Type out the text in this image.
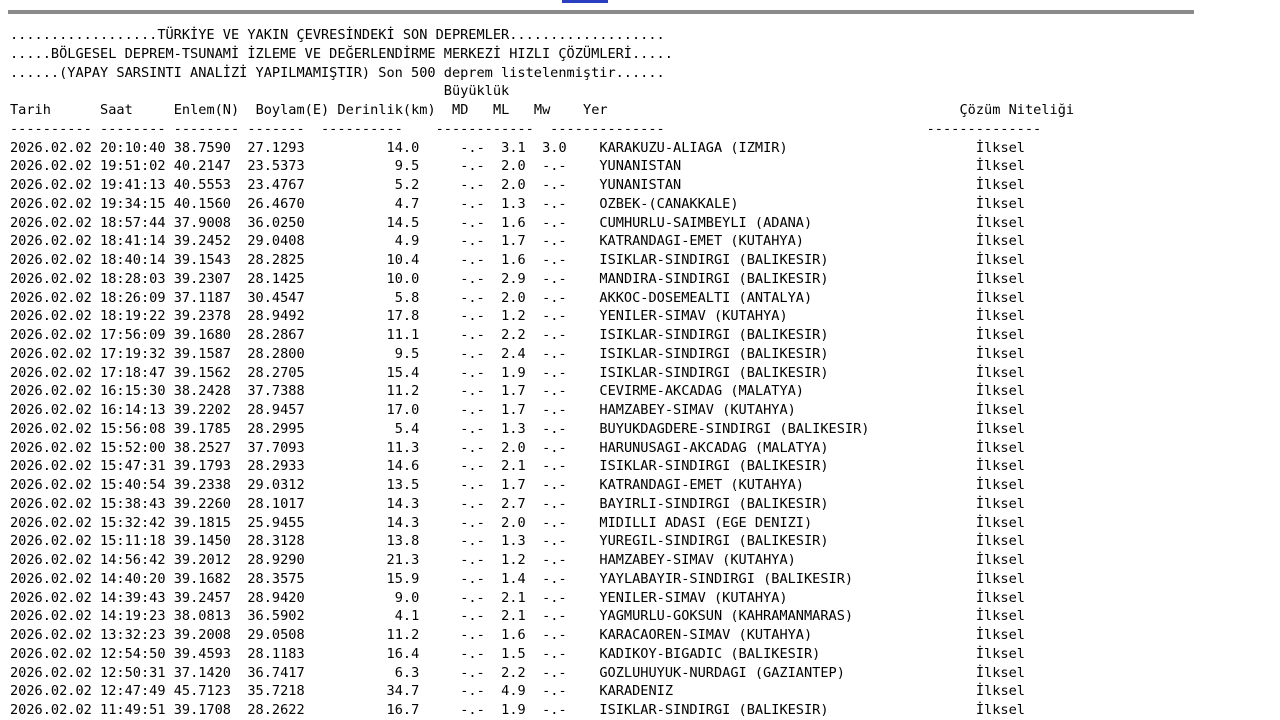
..................TÜRKİYE VE YAKIN ÇEVRESİNDEKİ SON DEPREMLER...................
.....BÖLGESEL DEPREM-TSUNAMİ İZLEME VE DEĞERLENDİRME MERKEZİ HIZLI ÇÖZÜMLERİ.....
......(YAPAY SARSINTI ANALİZİ YAPILMAMIŞTIR) Son 500 deprem listelenmiştir......
Büyüklük
Tarih	Saat	Enlem(N) Boylam(E) Derinlik(km) MD ML Mw Yer	Çözüm Niteliği
---------- -------- -------- -------  ----------    ------------  --------------                                --------------
2026.02.02 20:10:40 38.7590 27.1293	14.0	-.- 3.1 3.0 KARAKUZU-ALIAGA (IZMIR)	İlksel
2026.02.02 19:51:02 40.2147 23.5373	9.5	-.- 2.0 -.- YUNANISTAN	İlksel
2026.02.02 19:41:13 40.5553 23.4767	5.2	-.- 2.0 -.- YUNANISTAN	İlksel
2026.02.02 19:34:15 40.1560 26.4670	4.7	-.- 1.3 -.- OZBEK-(CANAKKALE)	İlksel
2026.02.02 18:57:44 37.9008 36.0250	14.5	-.- 1.6 -.- CUMHURLU-SAIMBEYLI (ADANA)	İlksel
2026.02.02 18:41:14 39.2452 29.0408	4.9	-.- 1.7 -.- KATRANDAGI-EMET (KUTAHYA)	İlksel
2026.02.02 18:40:14 39.1543 28.2825	10.4	-.- 1.6 -.- ISIKLAR-SINDIRGI (BALIKESIR)	İlksel
2026.02.02 18:28:03 39.2307 28.1425	10.0	-.- 2.9 -.- MANDIRA-SINDIRGI (BALIKESIR)	İlksel
2026.02.02 18:26:09 37.1187 30.4547	5.8	-.- 2.0 -.- AKKOC-DOSEMEALTI (ANTALYA)	İlksel
2026.02.02 18:19:22 39.2378 28.9492	17.8	-.- 1.2 -.- YENILER-SIMAV (KUTAHYA)	İlksel
2026.02.02 17:56:09 39.1680 28.2867	11.1	-.- 2.2 -.- ISIKLAR-SINDIRGI (BALIKESIR)	İlksel
2026.02.02 17:19:32 39.1587 28.2800	9.5	-.- 2.4 -.- ISIKLAR-SINDIRGI (BALIKESIR)	İlksel
2026.02.02 17:18:47 39.1562 28.2705	15.4	-.- 1.9 -.- ISIKLAR-SINDIRGI (BALIKESIR)	İlksel
2026.02.02 16:15:30 38.2428 37.7388	11.2	-.- 1.7 -.- CEVIRME-AKCADAG (MALATYA)	İlksel
2026.02.02 16:14:13 39.2202 28.9457	17.0	-.- 1.7 -.- HAMZABEY-SIMAV (KUTAHYA)	İlksel
2026.02.02 15:56:08 39.1785 28.2995	5.4	-.- 1.3 -.- BUYUKDAGDERE-SINDIRGI (BALIKESIR)	İlksel
2026.02.02 15:52:00 38.2527 37.7093	11.3	-.- 2.0 -.- HARUNUSAGI-AKCADAG (MALATYA)	İlksel
2026.02.02 15:47:31 39.1793 28.2933	14.6	-.- 2.1 -.- ISIKLAR-SINDIRGI (BALIKESIR)	İlksel
2026.02.02 15:40:54 39.2338 29.0312	13.5	-.- 1.7 -.- KATRANDAGI-EMET (KUTAHYA)	İlksel
2026.02.02 15:38:43 39.2260 28.1017	14.3	-.- 2.7 -.- BAYIRLI-SINDIRGI (BALIKESIR)	İlksel
2026.02.02 15:32:42 39.1815 25.9455	14.3	-.- 2.0 -.- MIDILLI ADASI (EGE DENIZI)	İlksel
2026.02.02 15:11:18 39.1450 28.3128	13.8	-.- 1.3 -.- YUREGIL-SINDIRGI (BALIKESIR)	İlksel
2026.02.02 14:56:42 39.2012 28.9290	21.3	-.- 1.2 -.- HAMZABEY-SIMAV (KUTAHYA)	İlksel
2026.02.02 14:40:20 39.1682 28.3575	15.9	-.- 1.4 -.- YAYLABAYIR-SINDIRGI (BALIKESIR)	İlksel
2026.02.02 14:39:43 39.2457 28.9420	9.0	-.- 2.1 -.- YENILER-SIMAV (KUTAHYA)	İlksel
2026.02.02 14:19:23 38.0813 36.5902	4.1	-.- 2.1 -.- YAGMURLU-GOKSUN (KAHRAMANMARAS)	İlksel
2026.02.02 13:32:23 39.2008 29.0508	11.2	-.- 1.6 -.- KARACAOREN-SIMAV (KUTAHYA)	İlksel
2026.02.02 12:54:50 39.4593 28.1183	16.4	-.- 1.5 -.- KADIKOY-BIGADIC (BALIKESIR)	İlksel
2026.02.02 12:50:31 37.1420 36.7417	6.3	-.- 2.2 -.- GOZLUHUYUK-NURDAGI (GAZIANTEP)	İlksel
2026.02.02 12:47:49 45.7123 35.7218	34.7	-.- 4.9 -.- KARADENIZ	İlksel
2026.02.02 11:49:51 39.1708 28.2622	16.7	-.- 1.9 -.- ISIKLAR-SINDIRGI (BALIKESIR)	İlksel
